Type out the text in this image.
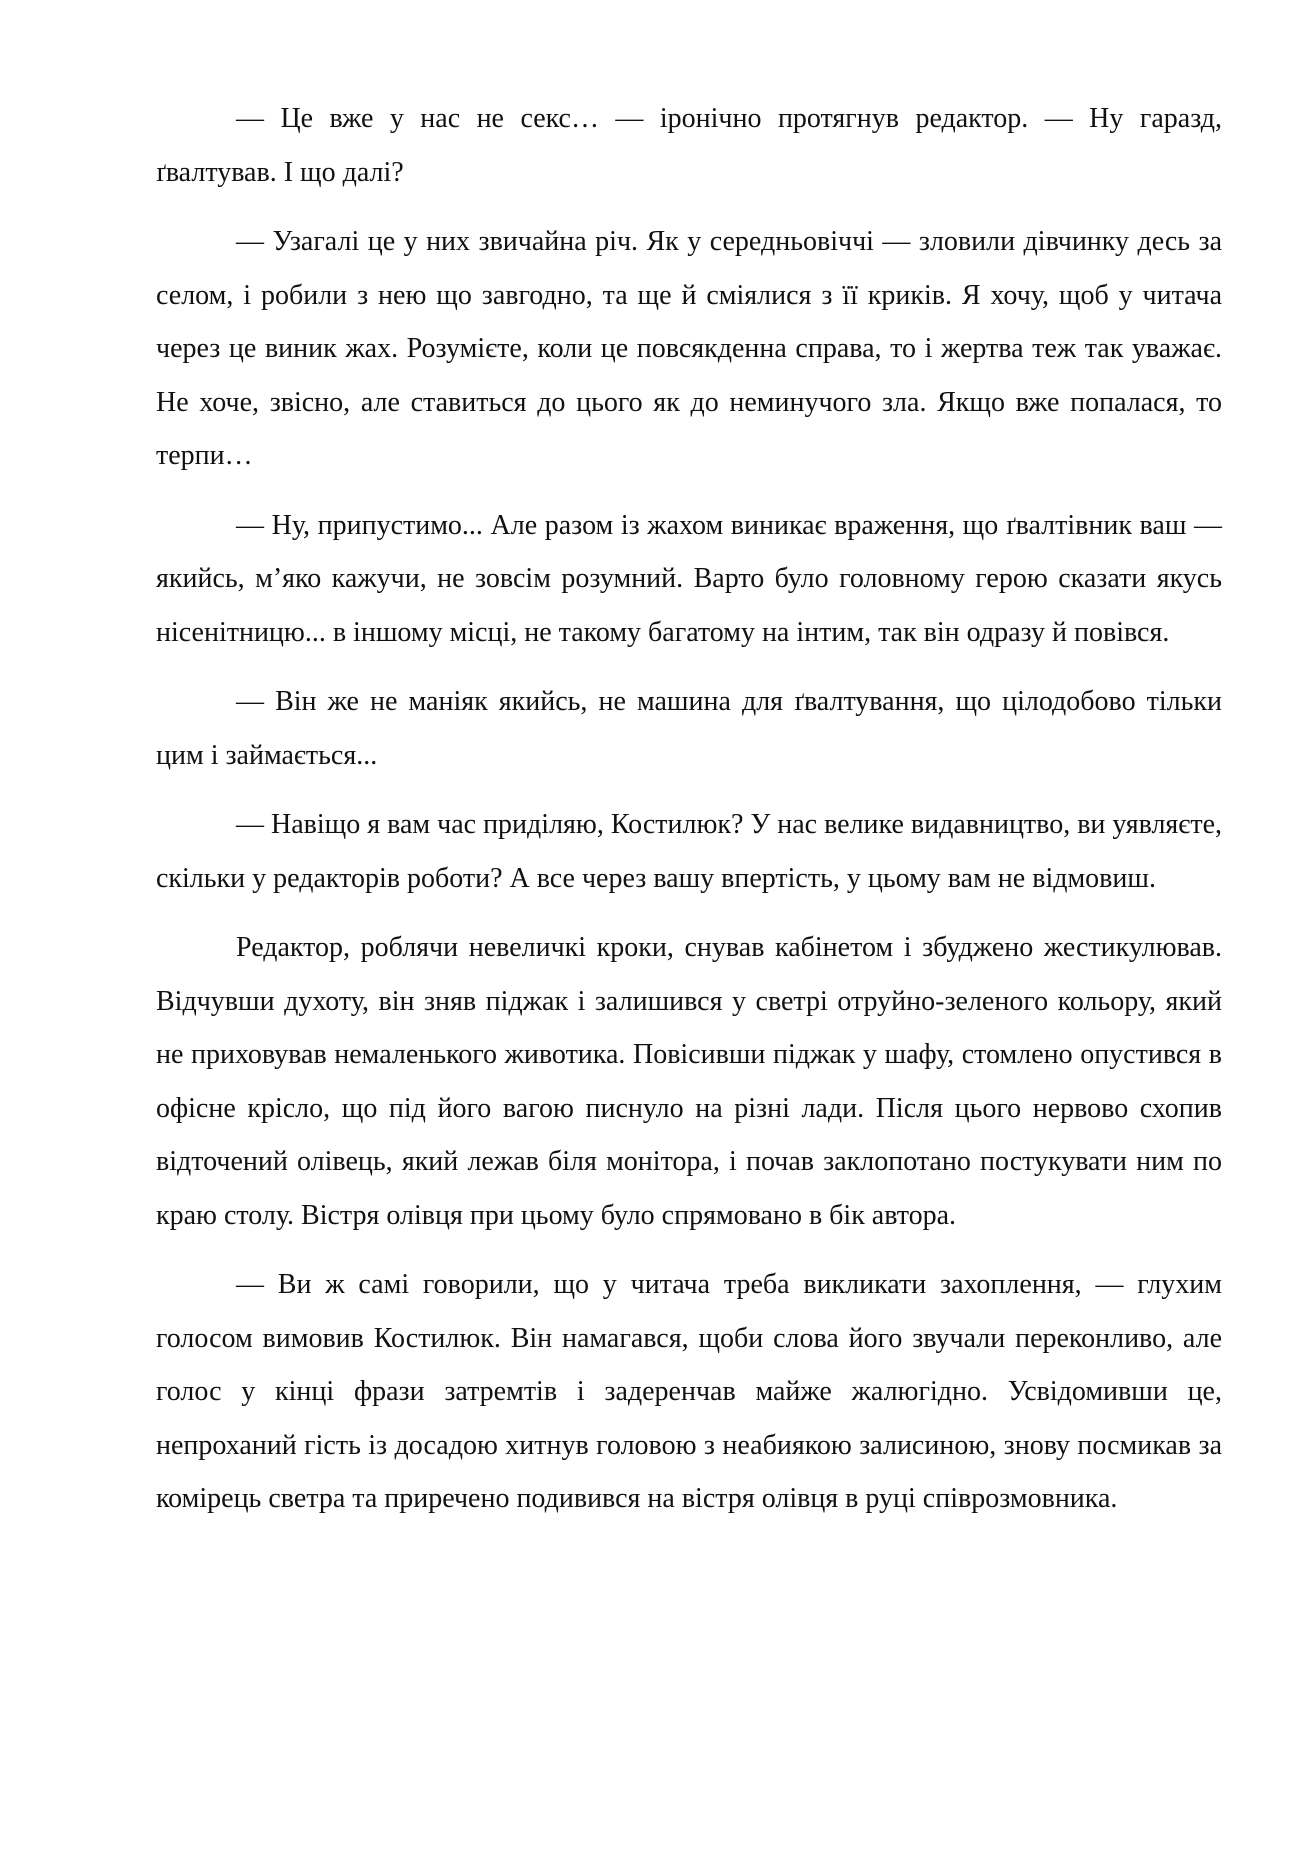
— Це вже у нас не секс… — іронічно протягнув редактор. — Ну гаразд, ґвалтував. І що далі?

— Узагалі це у них звичайна річ. Як у середньовіччі — зловили дівчинку десь за селом, і робили з нею що завгодно, та ще й сміялися з її криків. Я хочу, щоб у читача через це виник жах. Розумієте, коли це повсякденна справа, то і жертва теж так уважає. Не хоче, звісно, але ставиться до цього як до неминучого зла. Якщо вже попалася, то терпи…

— Ну, припустимо... Але разом із жахом виникає враження, що ґвалтівник ваш — якийсь, м’яко кажучи, не зовсім розумний. Варто було головному герою сказати якусь нісенітницю... в іншому місці, не такому багатому на інтим, так він одразу й повівся.

— Він же не маніяк якийсь, не машина для ґвалтування, що цілодобово тільки цим і займається...

— Навіщо я вам час приділяю, Костилюк? У нас велике видавництво, ви уявляєте, скільки у редакторів роботи? А все через вашу впертість, у цьому вам не відмовиш.

Редактор, роблячи невеличкі кроки, снував кабінетом і збуджено жестикулював. Відчувши духоту, він зняв піджак і залишився у светрі отруйно-зеленого кольору, який не приховував немаленького животика. Повісивши піджак у шафу, стомлено опустився в офісне крісло, що під його вагою писнуло на різні лади. Після цього нервово схопив відточений олівець, який лежав біля монітора, і почав заклопотано постукувати ним по краю столу. Вістря олівця при цьому було спрямовано в бік автора.

— Ви ж самі говорили, що у читача треба викликати захоплення, — глухим голосом вимовив Костилюк. Він намагався, щоби слова його звучали переконливо, але голос у кінці фрази затремтів і задеренчав майже жалюгідно. Усвідомивши це, непроханий гість із досадою хитнув головою з неабиякою залисиною, знову посмикав за комірець светра та приречено подивився на вістря олівця в руці співрозмовника.
